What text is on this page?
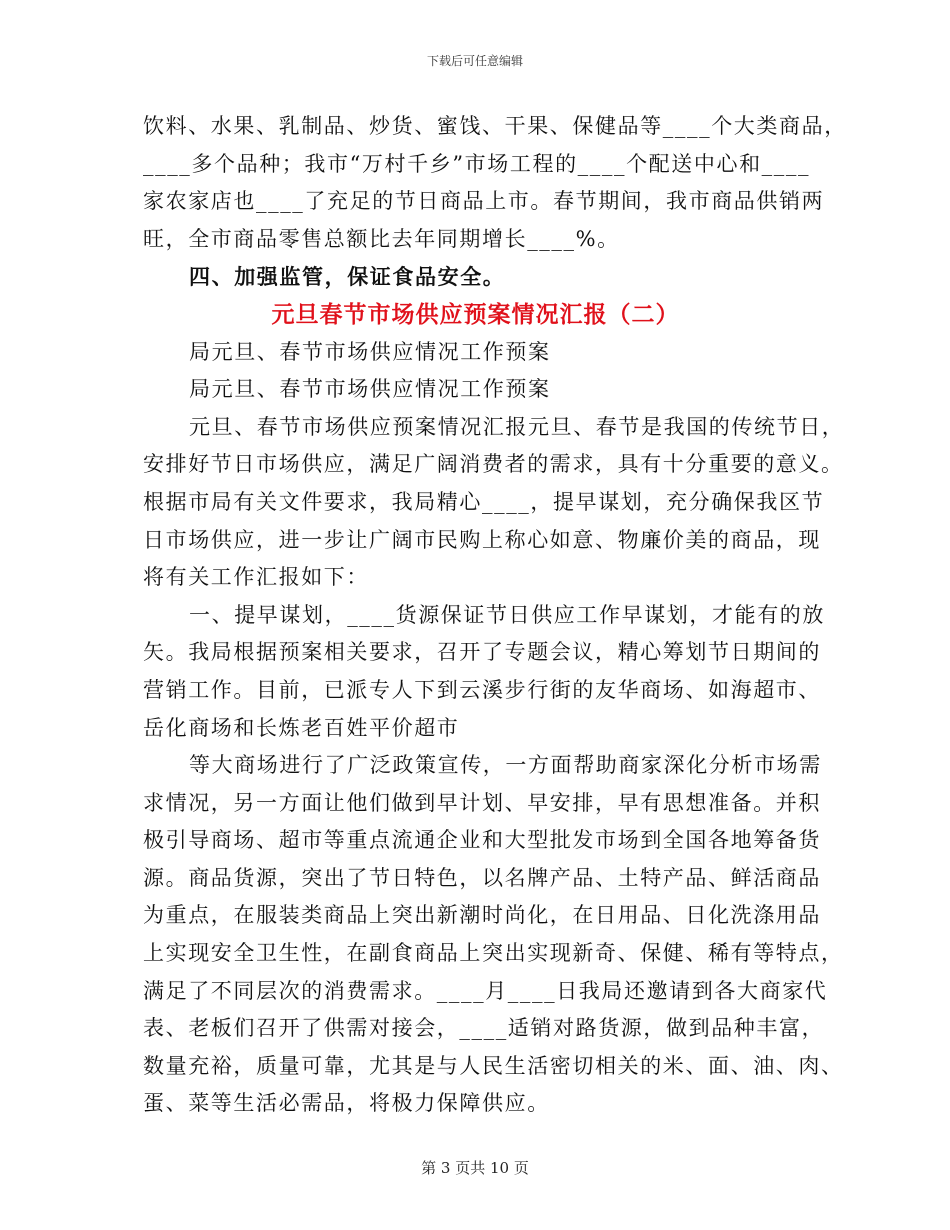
下载后可任意编辑
饮料、水果、乳制品、炒货、蜜饯、干果、保健品等____个大类商品，
____多个品种；我市“万村千乡”市场工程的____个配送中心和____
家农家店也____了充足的节日商品上市。春节期间，我市商品供销两
旺，全市商品零售总额比去年同期增长____%。
四、加强监管，保证食品安全。
元旦春节市场供应预案情况汇报（二）
局元旦、春节市场供应情况工作预案
局元旦、春节市场供应情况工作预案
元旦、春节市场供应预案情况汇报元旦、春节是我国的传统节日，
安排好节日市场供应，满足广阔消费者的需求，具有十分重要的意义。
根据市局有关文件要求，我局精心____，提早谋划，充分确保我区节
日市场供应，进一步让广阔市民购上称心如意、物廉价美的商品，现
将有关工作汇报如下：
一、提早谋划，____货源保证节日供应工作早谋划，才能有的放
矢。我局根据预案相关要求，召开了专题会议，精心筹划节日期间的
营销工作。目前，已派专人下到云溪步行街的友华商场、如海超市、
岳化商场和长炼老百姓平价超市
等大商场进行了广泛政策宣传，一方面帮助商家深化分析市场需
求情况，另一方面让他们做到早计划、早安排，早有思想准备。并积
极引导商场、超市等重点流通企业和大型批发市场到全国各地筹备货
源。商品货源，突出了节日特色，以名牌产品、土特产品、鲜活商品
为重点，在服装类商品上突出新潮时尚化，在日用品、日化洗涤用品
上实现安全卫生性，在副食商品上突出实现新奇、保健、稀有等特点，
满足了不同层次的消费需求。____月____日我局还邀请到各大商家代
表、老板们召开了供需对接会，____适销对路货源，做到品种丰富，
数量充裕，质量可靠，尤其是与人民生活密切相关的米、面、油、肉、
蛋、菜等生活必需品，将极力保障供应。
第 3 页共 10 页
